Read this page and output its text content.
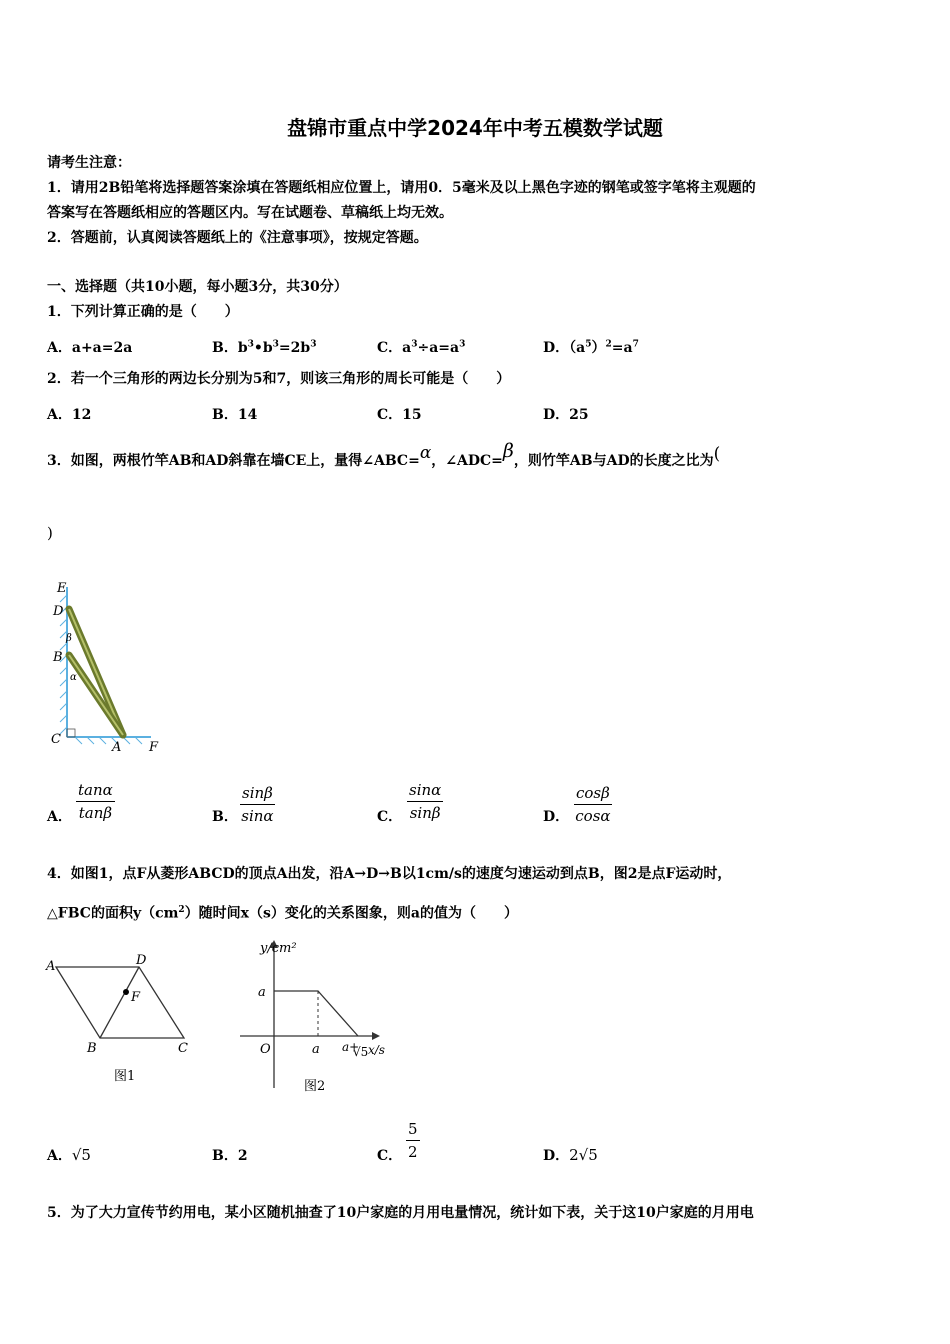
盘锦市重点中学2024年中考五模数学试题
请考生注意：
1．请用2B铅笔将选择题答案涂填在答题纸相应位置上，请用0．5毫米及以上黑色字迹的钢笔或签字笔将主观题的
答案写在答题纸相应的答题区内。写在试题卷、草稿纸上均无效。
2．答题前，认真阅读答题纸上的《注意事项》，按规定答题。
一、选择题（共10小题，每小题3分，共30分）
1．下列计算正确的是（　　）
A．a+a=2a	B．$b^3•b^3=2b^3$	C．$a^3\div a=a^3$	D．$(a^5)^2=a^7$
2．若一个三角形的两边长分别为5和7，则该三角形的周长可能是（　　）
A．12	B．14	C．15	D．25
3．如图，两根竹竿AB和AD斜靠在墙CE上，量得∠ABC=α，∠ADC=β，则竹竿AB与AD的长度之比为(
)
E
D
β
B
α
C
A F
A． $\frac{\tan\alpha}{\tan\beta}$	B． $\frac{\sin\beta}{\sin\alpha}$	C． $\frac{\sin\alpha}{\sin\beta}$	D． $\frac{\cos\beta}{\cos\alpha}$
4．如图1，点F从菱形ABCD的顶点A出发，沿A→D→B以1cm/s的速度匀速运动到点B，图2是点F运动时，
△FBC的面积$y(cm^2)$随时间x（s）变化的关系图象，则a的值为（　　）
A	D
F
B	C
图1
y/cm²
a
O	a a+
√5 x/s
图2
A．√5	B．2	C． $\frac{5}{2}$	D．2√5
5．为了大力宣传节约用电，某小区随机抽查了10户家庭的月用电量情况，统计如下表，关于这10户家庭的月用电
